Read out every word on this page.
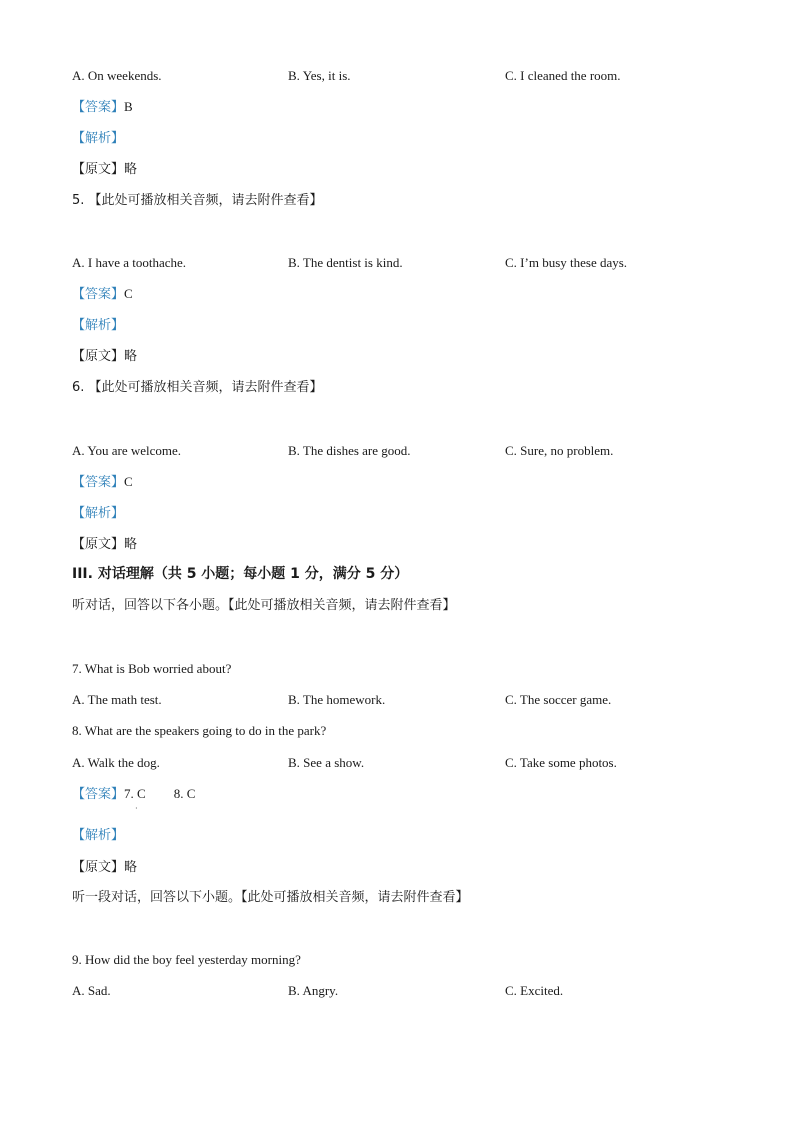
A. On weekends.	B. Yes, it is.	C. I cleaned the room.
【答案】B
【解析】
【原文】略
5. 【此处可播放相关音频，请去附件查看】
A. I have a toothache.	B. The dentist is kind.	C. I’m busy these days.
【答案】C
【解析】
【原文】略
6. 【此处可播放相关音频，请去附件查看】
A. You are welcome.	B. The dishes are good.	C. Sure, no problem.
【答案】C
【解析】
【原文】略
III. 对话理解（共 5 小题；每小题 1 分，满分 5 分）
听对话，回答以下各小题。【此处可播放相关音频，请去附件查看】
7. What is Bob worried about?
A. The math test.	B. The homework.	C. The soccer game.
8. What are the speakers going to do in the park?
A. Walk the dog.	B. See a show.	C. Take some photos.
【答案】7. C 8. C
·
【解析】
【原文】略
听一段对话，回答以下小题。【此处可播放相关音频，请去附件查看】
9. How did the boy feel yesterday morning?
A. Sad.	B. Angry.	C. Excited.
